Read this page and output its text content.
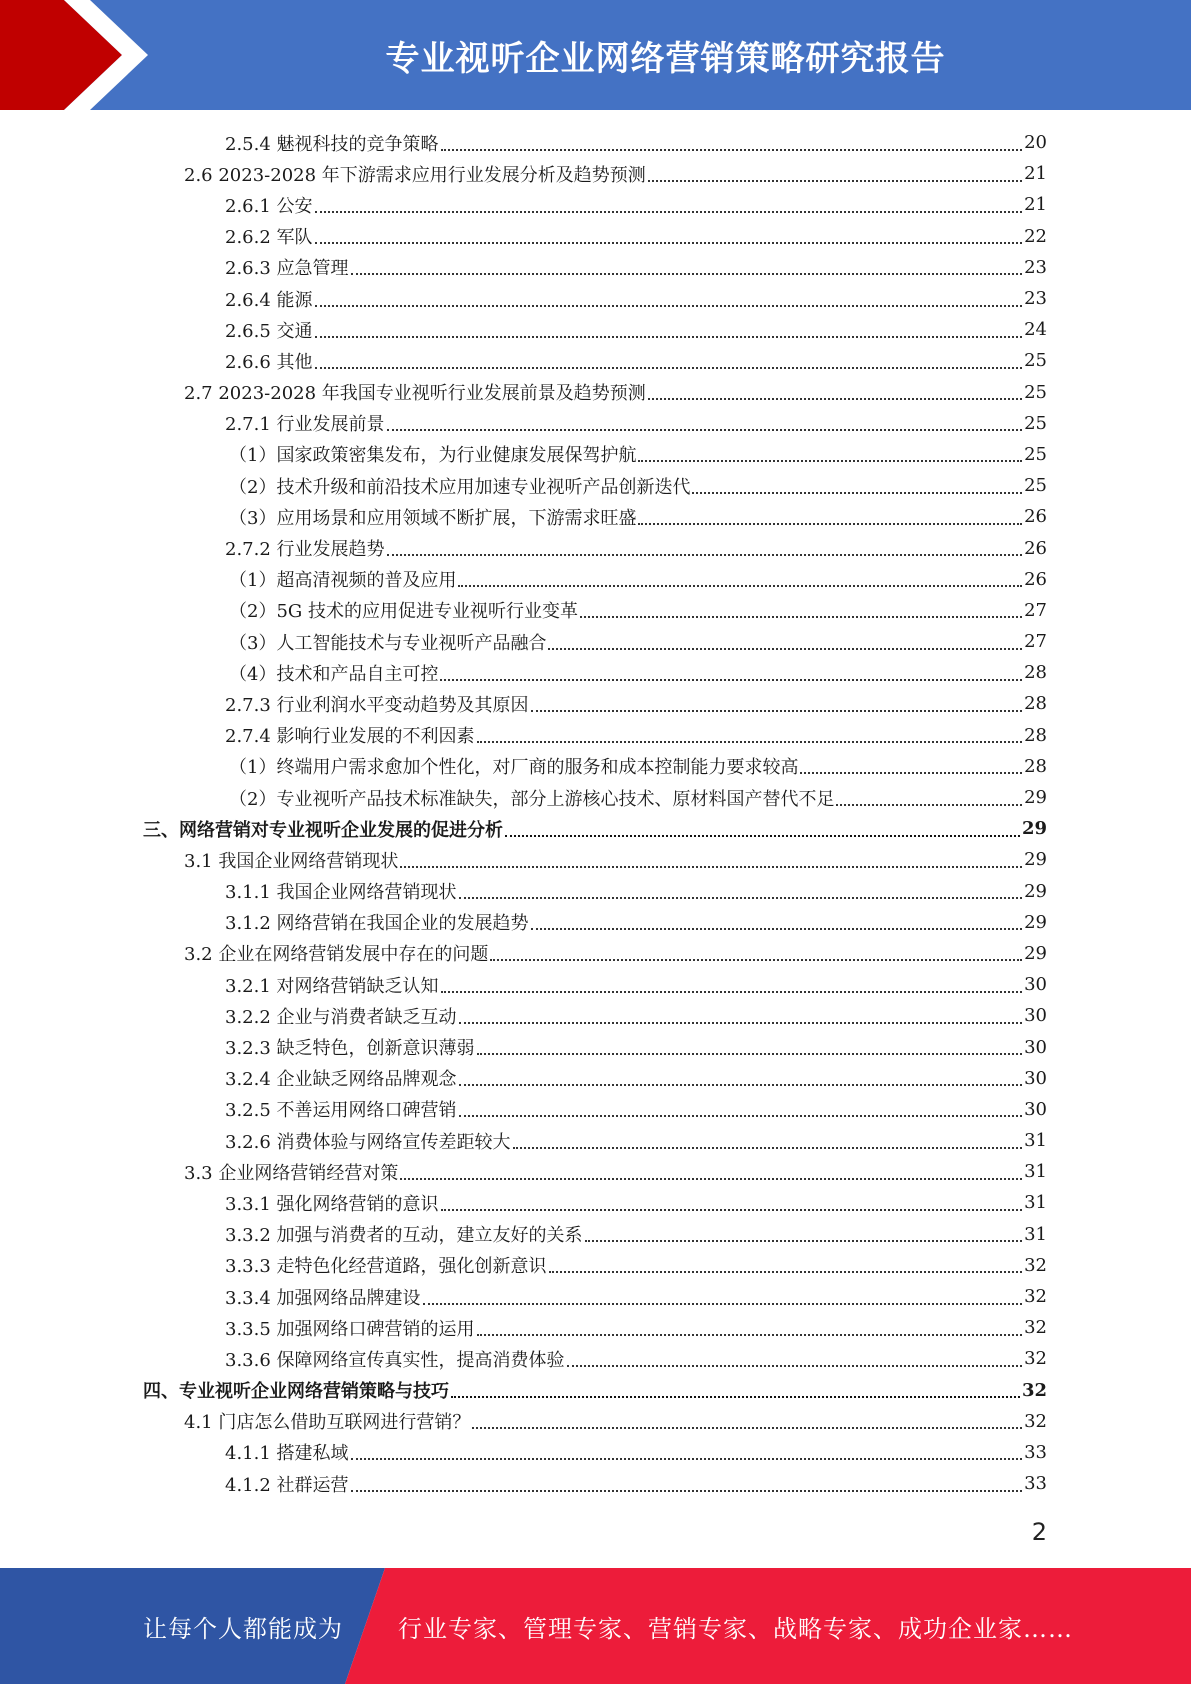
专业视听企业网络营销策略研究报告
2.5.4 魅视科技的竞争策略	20
2.6 2023-2028 年下游需求应用行业发展分析及趋势预测	21
2.6.1 公安	21
2.6.2 军队	22
2.6.3 应急管理	23
2.6.4 能源	23
2.6.5 交通	24
2.6.6 其他	25
2.7 2023-2028 年我国专业视听行业发展前景及趋势预测	25
2.7.1 行业发展前景	25
（1）国家政策密集发布，为行业健康发展保驾护航	25
（2）技术升级和前沿技术应用加速专业视听产品创新迭代	25
（3）应用场景和应用领域不断扩展，下游需求旺盛	26
2.7.2 行业发展趋势	26
（1）超高清视频的普及应用	26
（2）5G 技术的应用促进专业视听行业变革	27
（3）人工智能技术与专业视听产品融合	27
（4）技术和产品自主可控	28
2.7.3 行业利润水平变动趋势及其原因	28
2.7.4 影响行业发展的不利因素	28
（1）终端用户需求愈加个性化，对厂商的服务和成本控制能力要求较高	28
（2）专业视听产品技术标准缺失，部分上游核心技术、原材料国产替代不足	29
三、网络营销对专业视听企业发展的促进分析	29
3.1 我国企业网络营销现状	29
3.1.1 我国企业网络营销现状	29
3.1.2 网络营销在我国企业的发展趋势	29
3.2 企业在网络营销发展中存在的问题	29
3.2.1 对网络营销缺乏认知	30
3.2.2 企业与消费者缺乏互动	30
3.2.3 缺乏特色，创新意识薄弱	30
3.2.4 企业缺乏网络品牌观念	30
3.2.5 不善运用网络口碑营销	30
3.2.6 消费体验与网络宣传差距较大	31
3.3 企业网络营销经营对策	31
3.3.1 强化网络营销的意识	31
3.3.2 加强与消费者的互动，建立友好的关系	31
3.3.3 走特色化经营道路，强化创新意识	32
3.3.4 加强网络品牌建设	32
3.3.5 加强网络口碑营销的运用	32
3.3.6 保障网络宣传真实性，提高消费体验	32
四、专业视听企业网络营销策略与技巧	32
4.1 门店怎么借助互联网进行营销？	32
4.1.1 搭建私域	33
4.1.2 社群运营	33
2
让每个人都能成为 行业专家、管理专家、营销专家、战略专家、成功企业家……
